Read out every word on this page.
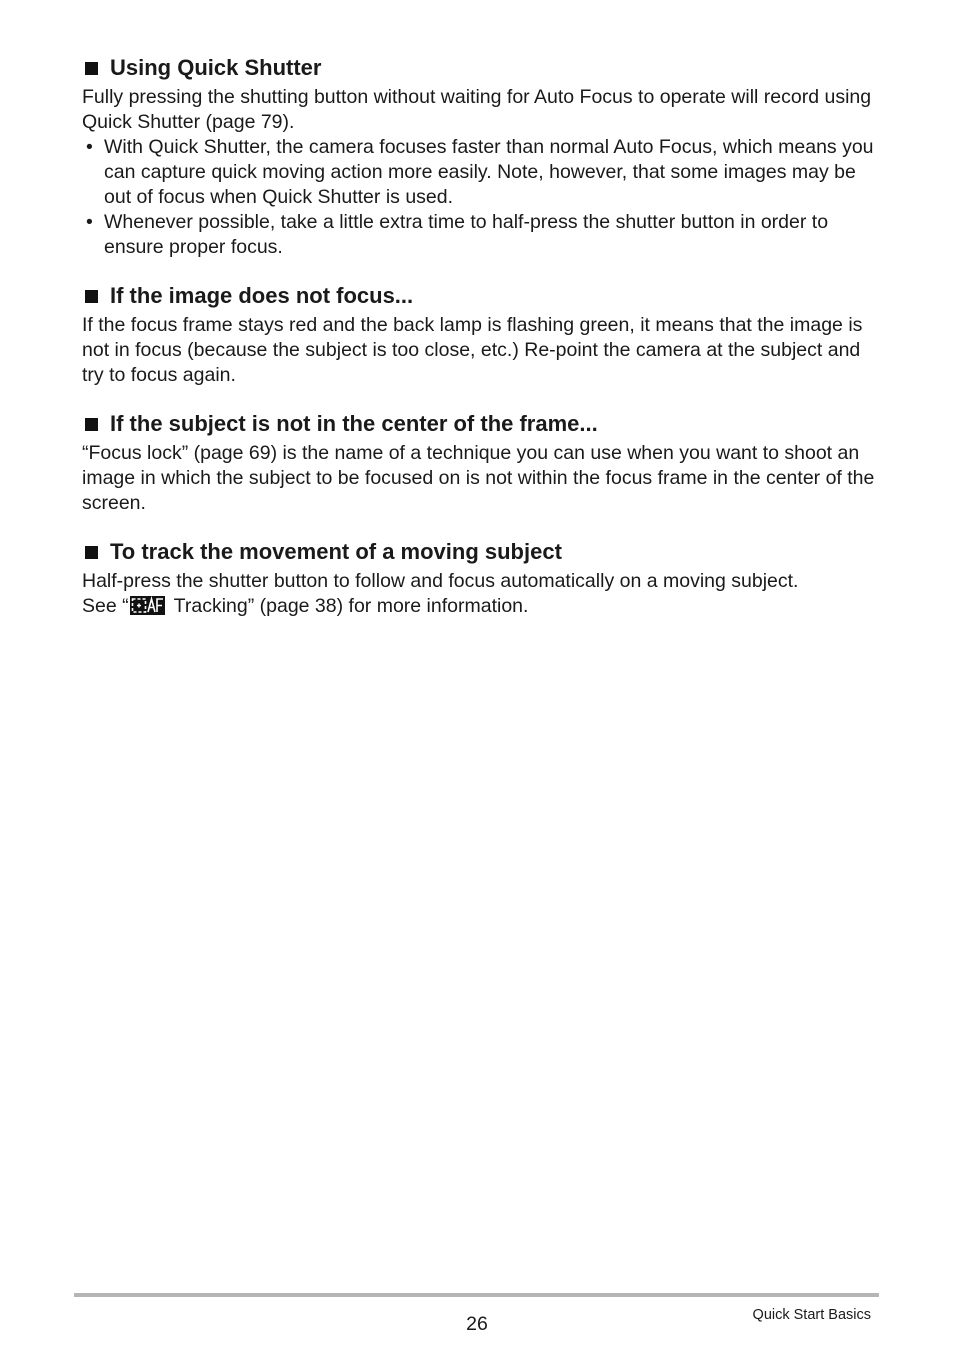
Using Quick Shutter

Fully pressing the shutting button without waiting for Auto Focus to operate will record using Quick Shutter (page 79).

• With Quick Shutter, the camera focuses faster than normal Auto Focus, which means you can capture quick moving action more easily. Note, however, that some images may be out of focus when Quick Shutter is used.
• Whenever possible, take a little extra time to half-press the shutter button in order to ensure proper focus.
If the image does not focus...

If the focus frame stays red and the back lamp is flashing green, it means that the image is not in focus (because the subject is too close, etc.) Re-point the camera at the subject and try to focus again.

If the subject is not in the center of the frame...

“Focus lock” (page 69) is the name of a technique you can use when you want to shoot an image in which the subject to be focused on is not within the focus frame in the center of the screen.

To track the movement of a moving subject

Half-press the shutter button to follow and focus automatically on a moving subject.
See “ Tracking” (page 38) for more information.

26	Quick Start Basics
